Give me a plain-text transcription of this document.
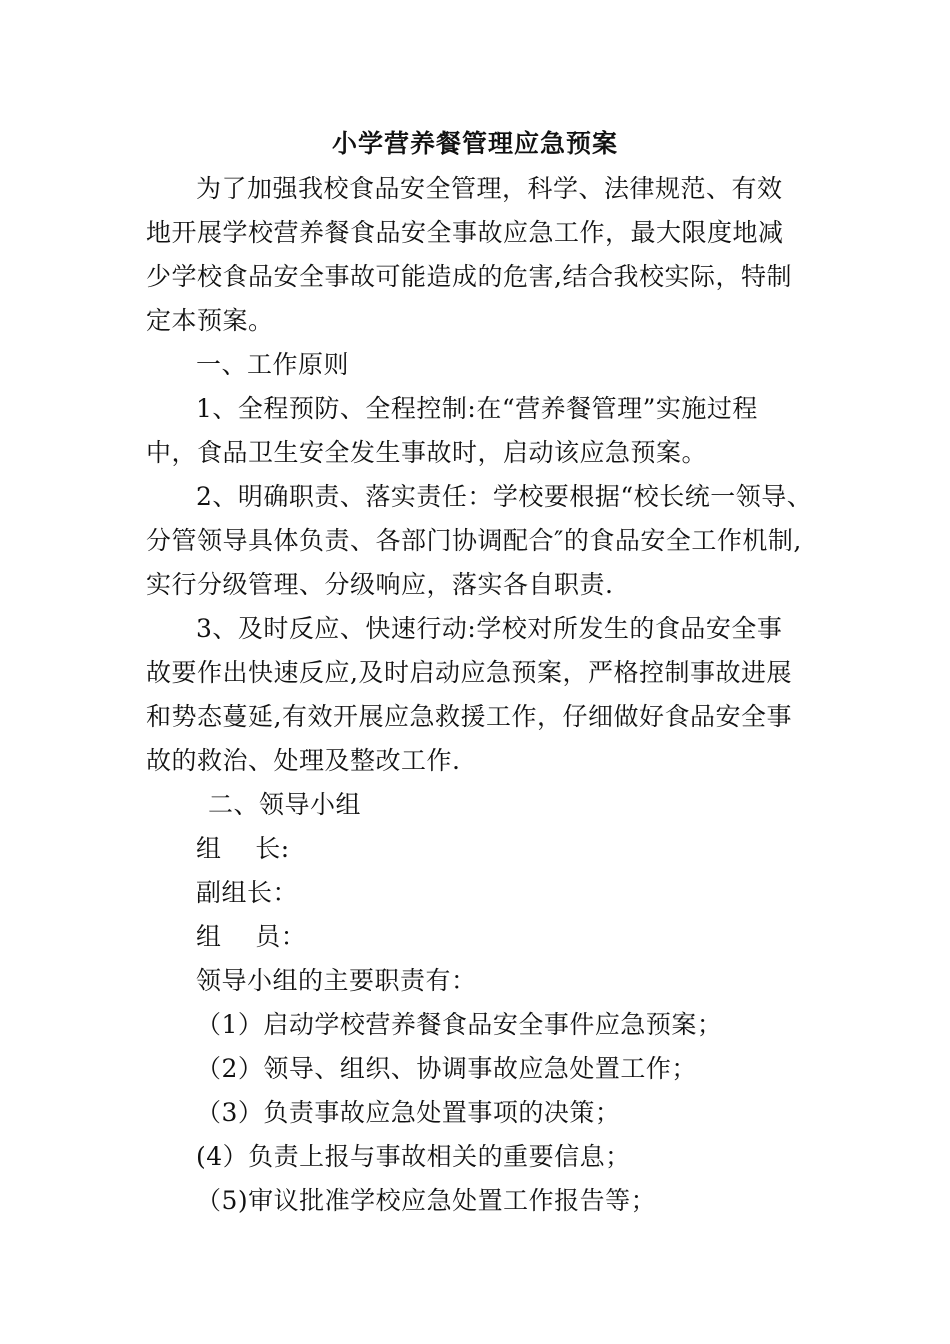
小学营养餐管理应急预案
为了加强我校食品安全管理，科学、法律规范、有效
地开展学校营养餐食品安全事故应急工作，最大限度地减
少学校食品安全事故可能造成的危害,结合我校实际，特制
定本预案。
一、工作原则
1、全程预防、全程控制:在“营养餐管理”实施过程
中，食品卫生安全发生事故时，启动该应急预案。
2、明确职责、落实责任：学校要根据“校长统一领导、
分管领导具体负责、各部门协调配合″的食品安全工作机制,
实行分级管理、分级响应，落实各自职责.
3、及时反应、快速行动:学校对所发生的食品安全事
故要作出快速反应,及时启动应急预案，严格控制事故进展
和势态蔓延,有效开展应急救援工作，仔细做好食品安全事
故的救治、处理及整改工作.
二、领导小组
组    长:
副组长：
组    员：
领导小组的主要职责有：
（1）启动学校营养餐食品安全事件应急预案；
（2）领导、组织、协调事故应急处置工作；
（3）负责事故应急处置事项的决策；
(4）负责上报与事故相关的重要信息；
（5)审议批准学校应急处置工作报告等；
